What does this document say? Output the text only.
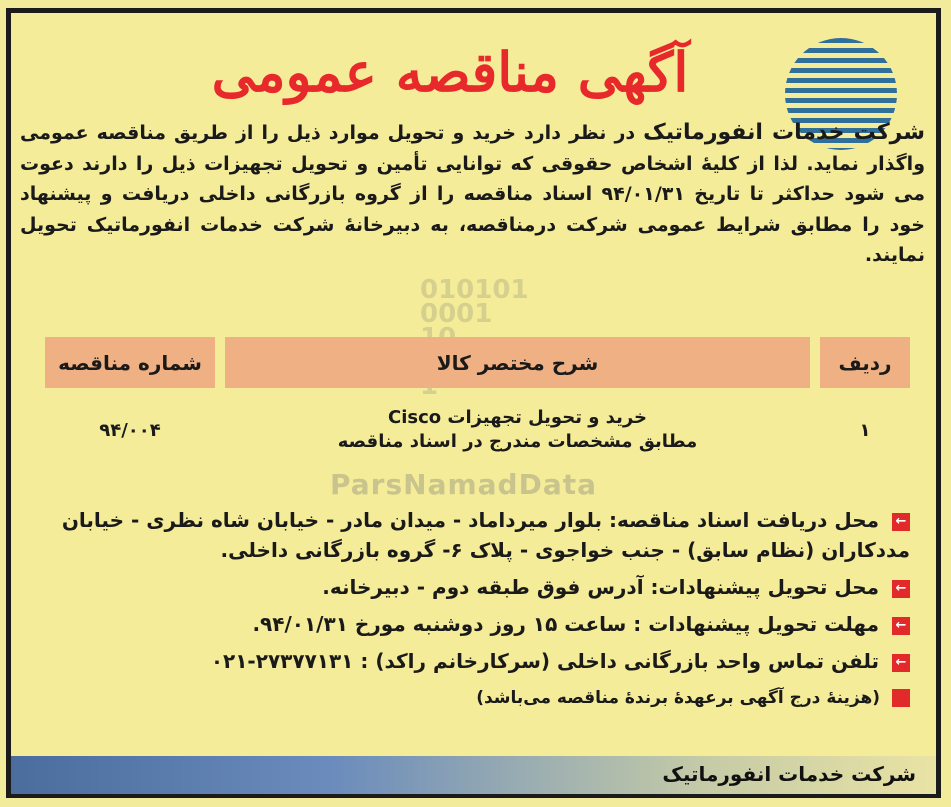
آگهی مناقصه عمومی
شرکت خدمات انفورماتیک در نظر دارد خرید و تحویل موارد ذیل را از طریق مناقصه عمومی واگذار نماید. لذا از کلیهٔ اشخاص حقوقی که توانایی تأمین و تحویل تجهیزات ذیل را دارند دعوت می شود حداکثر تا تاریخ ۹۴/۰۱/۳۱ اسناد مناقصه را از گروه بازرگانی داخلی دریافت و پیشنهاد خود را مطابق شرایط عمومی شرکت درمناقصه، به دبیرخانهٔ شرکت خدمات انفورماتیک تحویل نمایند.
010101
0001

ردیف
شرح مختصر کالا
شماره مناقصه
۱
خرید و تحویل تجهیزات Cisco
مطابق مشخصات مندرج در اسناد مناقصه
۹۴/۰۰۴
ParsNamadData
← محل دریافت اسناد مناقصه: بلوار میرداماد - میدان مادر - خیابان شاه نظری - خیابان مددکاران (نظام سابق) - جنب خواجوی - پلاک ۶- گروه بازرگانی داخلی.
← محل تحویل پیشنهادات: آدرس فوق طبقه دوم - دبیرخانه.
← مهلت تحویل پیشنهادات : ساعت ۱۵ روز دوشنبه مورخ ۹۴/۰۱/۳۱.
← تلفن تماس واحد بازرگانی داخلی (سرکارخانم راکد) : ۰۲۱-۲۷۳۷۷۱۳۱
(هزینهٔ درج آگهی برعهدهٔ برندهٔ مناقصه می‌باشد)
شرکت خدمات انفورماتیک
